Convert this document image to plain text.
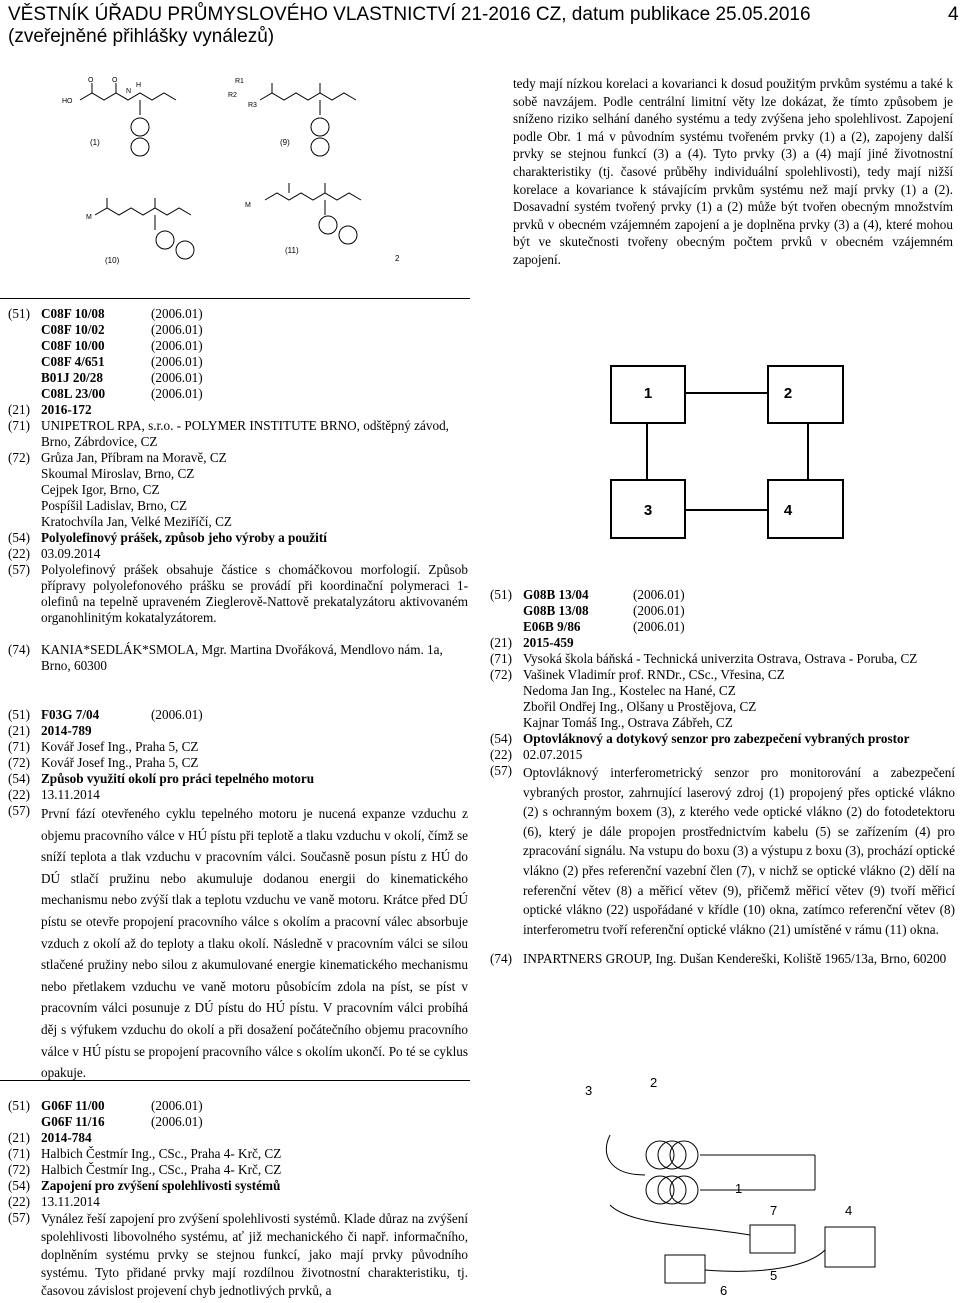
VĚSTNÍK ÚŘADU PRŮMYSLOVÉHO VLASTNICTVÍ 21-2016 CZ, datum publikace 25.05.2016
(zveřejněné přihlášky vynálezů)
4
HO
O	O
N
H
R1
R2
R3
M
M
(1)	(9)
(10)
(11)
2
(51) C08F 10/08	(2006.01)
C08F 10/02	(2006.01)
C08F 10/00	(2006.01)
C08F 4/651	(2006.01)
B01J 20/28	(2006.01)
C08L 23/00	(2006.01)
(21) 2016-172
(71) UNIPETROL RPA, s.r.o. - POLYMER INSTITUTE BRNO, odštěpný závod, Brno, Zábrdovice, CZ
(72) Grůza Jan, Příbram na Moravě, CZ
Skoumal Miroslav, Brno, CZ
Cejpek Igor, Brno, CZ
Pospíšil Ladislav, Brno, CZ
Kratochvíla Jan, Velké Meziříčí, CZ
(54) Polyolefinový prášek, způsob jeho výroby a použití
(22) 03.09.2014
(57) Polyolefinový prášek obsahuje částice s chomáčkovou morfologií. Způsob přípravy polyolefonového prášku se provádí při koordinační polymeraci 1-olefinů na tepelně upraveném Zieglerově-Nattově prekatalyzátoru aktivovaném organohlinitým kokatalyzátorem.
(74) KANIA*SEDLÁK*SMOLA, Mgr. Martina Dvořáková, Mendlovo nám. 1a, Brno, 60300
(51) F03G 7/04	(2006.01)
(21) 2014-789
(71) Kovář Josef Ing., Praha 5, CZ
(72) Kovář Josef Ing., Praha 5, CZ
(54) Způsob využití okolí pro práci tepelného motoru
(22) 13.11.2014
(57) První fází otevřeného cyklu tepelného motoru je nucená expanze vzduchu z objemu pracovního válce v HÚ pístu při teplotě a tlaku vzduchu v okolí, čímž se sníží teplota a tlak vzduchu v pracovním válci. Současně posun pístu z HÚ do DÚ stlačí pružinu nebo akumuluje dodanou energii do kinematického mechanismu nebo zvýší tlak a teplotu vzduchu ve vaně motoru. Krátce před DÚ pístu se otevře propojení pracovního válce s okolím a pracovní válec absorbuje vzduch z okolí až do teploty a tlaku okolí. Následně v pracovním válci se silou stlačené pružiny nebo silou z akumulované energie kinematického mechanismu nebo přetlakem vzduchu ve vaně motoru působícím zdola na píst, se píst v pracovním válci posunuje z DÚ pístu do HÚ pístu. V pracovním válci probíhá děj s výfukem vzduchu do okolí a při dosažení počátečního objemu pracovního válce v HÚ pístu se propojení pracovního válce s okolím ukončí. Po té se cyklus opakuje.
(51) G06F 11/00	(2006.01)
G06F 11/16	(2006.01)
(21) 2014-784
(71) Halbich Čestmír Ing., CSc., Praha 4- Krč, CZ
(72) Halbich Čestmír Ing., CSc., Praha 4- Krč, CZ
(54) Zapojení pro zvýšení spolehlivosti systémů
(22) 13.11.2014
(57) Vynález řeší zapojení pro zvýšení spolehlivosti systémů. Klade důraz na zvýšení spolehlivosti libovolného systému, ať již mechanického či např. informačního, doplněním systému prvky se stejnou funkcí, jako mají prvky původního systému. Tyto přidané prvky mají rozdílnou životnostní charakteristiku, tj. časovou závislost projevení chyb jednotlivých prvků, a
tedy mají nízkou korelaci a kovarianci k dosud použitým prvkům systému a také k sobě navzájem. Podle centrální limitní věty lze dokázat, že tímto způsobem je sníženo riziko selhání daného systému a tedy zvýšena jeho spolehlivost. Zapojení podle Obr. 1 má v původním systému tvořeném prvky (1) a (2), zapojeny další prvky se stejnou funkcí (3) a (4). Tyto prvky (3) a (4) mají jiné životnostní charakteristiky (tj. časové průběhy individuální spolehlivosti), tedy mají nižší korelace a kovariance k stávajícím prvkům systému než mají prvky (1) a (2). Dosavadní systém tvořený prvky (1) a (2) může být tvořen obecným množstvím prvků v obecném vzájemném zapojení a je doplněna prvky (3) a (4), které mohou být ve skutečnosti tvořeny obecným počtem prvků v obecném vzájemném zapojení.
1	2
3	4
(51) G08B 13/04	(2006.01)
G08B 13/08	(2006.01)
E06B 9/86	(2006.01)
(21) 2015-459
(71) Vysoká škola báňská - Technická univerzita Ostrava, Ostrava - Poruba, CZ
(72) Vašinek Vladimír prof. RNDr., CSc., Vřesina, CZ
Nedoma Jan Ing., Kostelec na Hané, CZ
Zbořil Ondřej Ing., Olšany u Prostějova, CZ
Kajnar Tomáš Ing., Ostrava Zábřeh, CZ
(54) Optovláknový a dotykový senzor pro zabezpečení vybraných prostor
(22) 02.07.2015
(57) Optovláknový interferometrický senzor pro monitorování a zabezpečení vybraných prostor, zahrnující laserový zdroj (1) propojený přes optické vlákno (2) s ochranným boxem (3), z kterého vede optické vlákno (2) do fotodetektoru (6), který je dále propojen prostřednictvím kabelu (5) se zařízením (4) pro zpracování signálu. Na vstupu do boxu (3) a výstupu z boxu (3), prochází optické vlákno (2) přes referenční vazební člen (7), v nichž se optické vlákno (2) dělí na referenční větev (8) a měřicí větev (9), přičemž měřicí větev (9) tvoří měřicí optické vlákno (22) uspořádané v křídle (10) okna, zatímco referenční větev (8) interferometru tvoří referenční optické vlákno (21) umístěné v rámu (11) okna.
(74) INPARTNERS GROUP, Ing. Dušan Kendereški, Koliště 1965/13a, Brno, 60200
2
3
1
7	4
5
6
